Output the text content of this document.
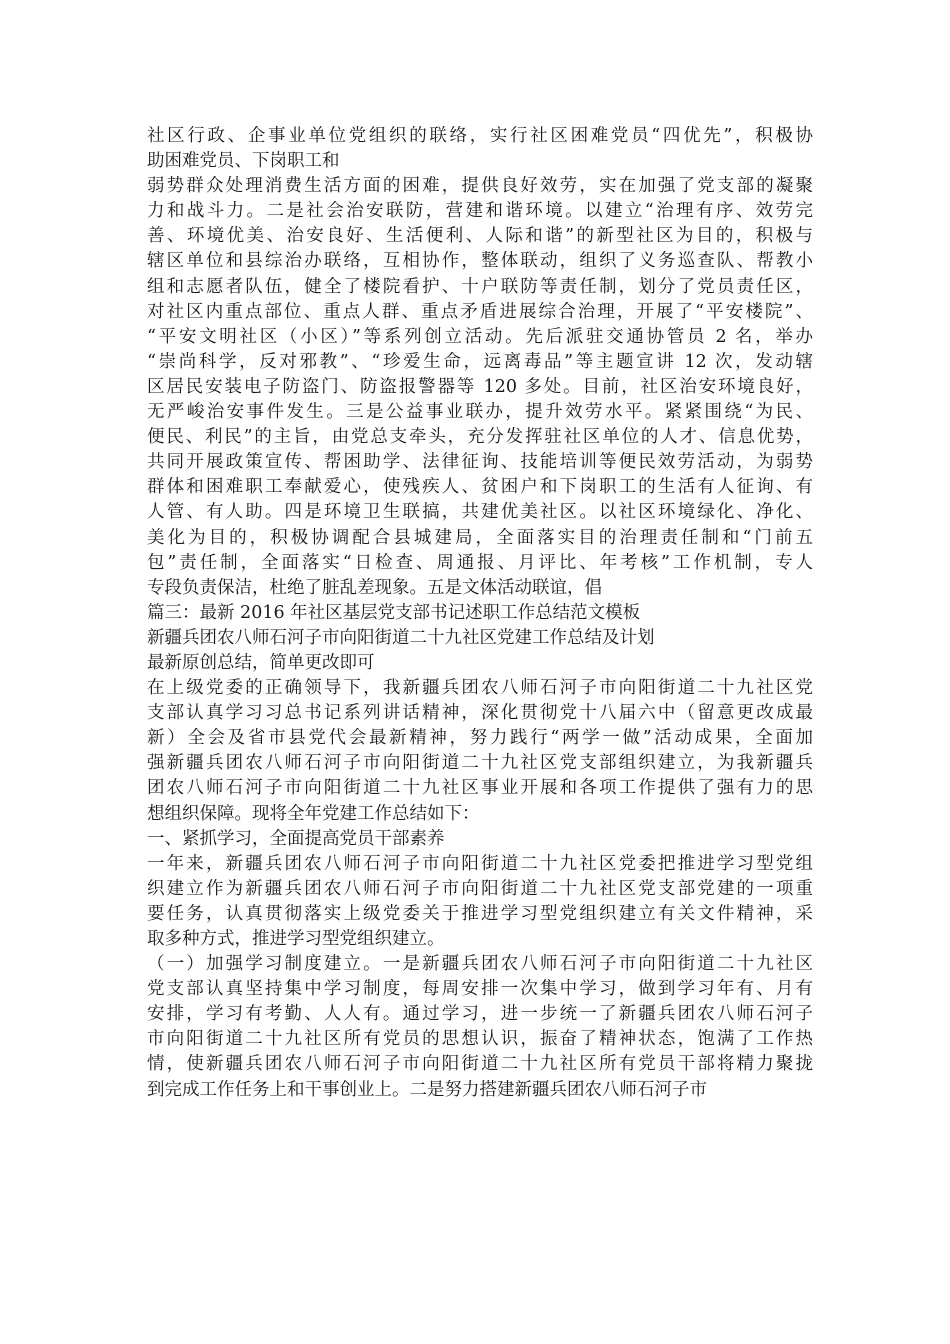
社区行政、企事业单位党组织的联络，实行社区困难党员“四优先”，积极协
助困难党员、下岗职工和
弱势群众处理消费生活方面的困难，提供良好效劳，实在加强了党支部的凝聚
力和战斗力。二是社会治安联防，营建和谐环境。以建立“治理有序、效劳完
善、环境优美、治安良好、生活便利、人际和谐”的新型社区为目的，积极与
辖区单位和县综治办联络，互相协作，整体联动，组织了义务巡查队、帮教小
组和志愿者队伍，健全了楼院看护、十户联防等责任制，划分了党员责任区，
对社区内重点部位、重点人群、重点矛盾进展综合治理，开展了“平安楼院”、
“平安文明社区（小区）”等系列创立活动。先后派驻交通协管员 2 名，举办
“崇尚科学，反对邪教”、“珍爱生命，远离毒品”等主题宣讲 12 次，发动辖
区居民安装电子防盗门、防盗报警器等 120 多处。目前，社区治安环境良好，
无严峻治安事件发生。三是公益事业联办，提升效劳水平。紧紧围绕“为民、
便民、利民”的主旨，由党总支牵头，充分发挥驻社区单位的人才、信息优势，
共同开展政策宣传、帮困助学、法律征询、技能培训等便民效劳活动，为弱势
群体和困难职工奉献爱心，使残疾人、贫困户和下岗职工的生活有人征询、有
人管、有人助。四是环境卫生联搞，共建优美社区。以社区环境绿化、净化、
美化为目的，积极协调配合县城建局，全面落实目的治理责任制和“门前五
包”责任制，全面落实“日检查、周通报、月评比、年考核”工作机制，专人
专段负责保洁，杜绝了脏乱差现象。五是文体活动联谊，倡
篇三：最新 2016 年社区基层党支部书记述职工作总结范文模板
新疆兵团农八师石河子市向阳街道二十九社区党建工作总结及计划
最新原创总结，简单更改即可
在上级党委的正确领导下，我新疆兵团农八师石河子市向阳街道二十九社区党
支部认真学习习总书记系列讲话精神，深化贯彻党十八届六中（留意更改成最
新）全会及省市县党代会最新精神，努力践行“两学一做”活动成果，全面加
强新疆兵团农八师石河子市向阳街道二十九社区党支部组织建立，为我新疆兵
团农八师石河子市向阳街道二十九社区事业开展和各项工作提供了强有力的思
想组织保障。现将全年党建工作总结如下：
一、紧抓学习，全面提高党员干部素养
一年来，新疆兵团农八师石河子市向阳街道二十九社区党委把推进学习型党组
织建立作为新疆兵团农八师石河子市向阳街道二十九社区党支部党建的一项重
要任务，认真贯彻落实上级党委关于推进学习型党组织建立有关文件精神，采
取多种方式，推进学习型党组织建立。
（一）加强学习制度建立。一是新疆兵团农八师石河子市向阳街道二十九社区
党支部认真坚持集中学习制度，每周安排一次集中学习，做到学习年有、月有
安排，学习有考勤、人人有。通过学习，进一步统一了新疆兵团农八师石河子
市向阳街道二十九社区所有党员的思想认识，振奋了精神状态，饱满了工作热
情，使新疆兵团农八师石河子市向阳街道二十九社区所有党员干部将精力聚拢
到完成工作任务上和干事创业上。二是努力搭建新疆兵团农八师石河子市
